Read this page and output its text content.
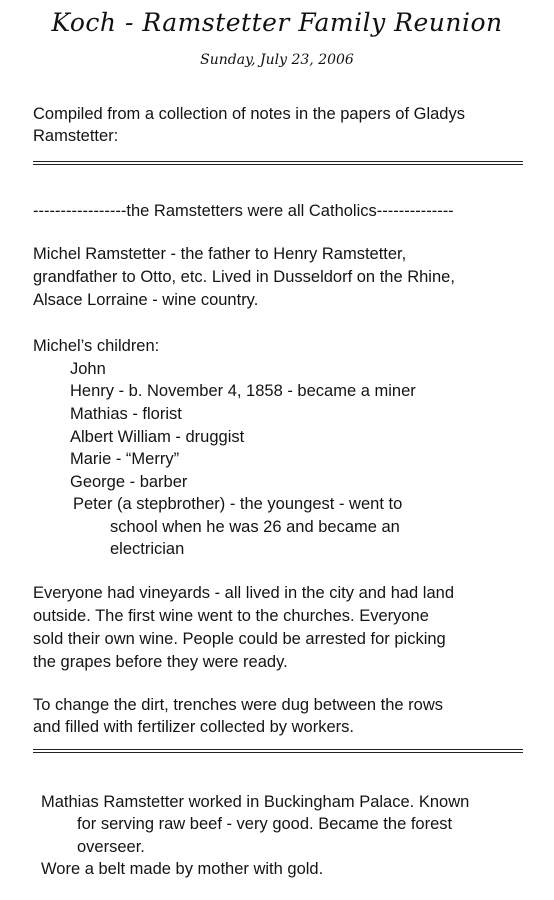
Koch - Ramstetter Family Reunion
Sunday, July 23, 2006
Compiled from a collection of notes in the papers of Gladys
Ramstetter:
-----------------the Ramstetters were all Catholics--------------
Michel Ramstetter - the father to Henry Ramstetter,
grandfather to Otto, etc. Lived in Dusseldorf on the Rhine,
Alsace Lorraine - wine country.
Michel’s children:
John
Henry - b. November 4, 1858 - became a miner
Mathias - florist
Albert William - druggist
Marie - “Merry”
George - barber
Peter (a stepbrother) - the youngest - went to
school when he was 26 and became an
electrician
Everyone had vineyards - all lived in the city and had land
outside. The first wine went to the churches. Everyone
sold their own wine. People could be arrested for picking
the grapes before they were ready.
To change the dirt, trenches were dug between the rows
and filled with fertilizer collected by workers.
Mathias Ramstetter worked in Buckingham Palace. Known
for serving raw beef - very good. Became the forest
overseer.
Wore a belt made by mother with gold.
